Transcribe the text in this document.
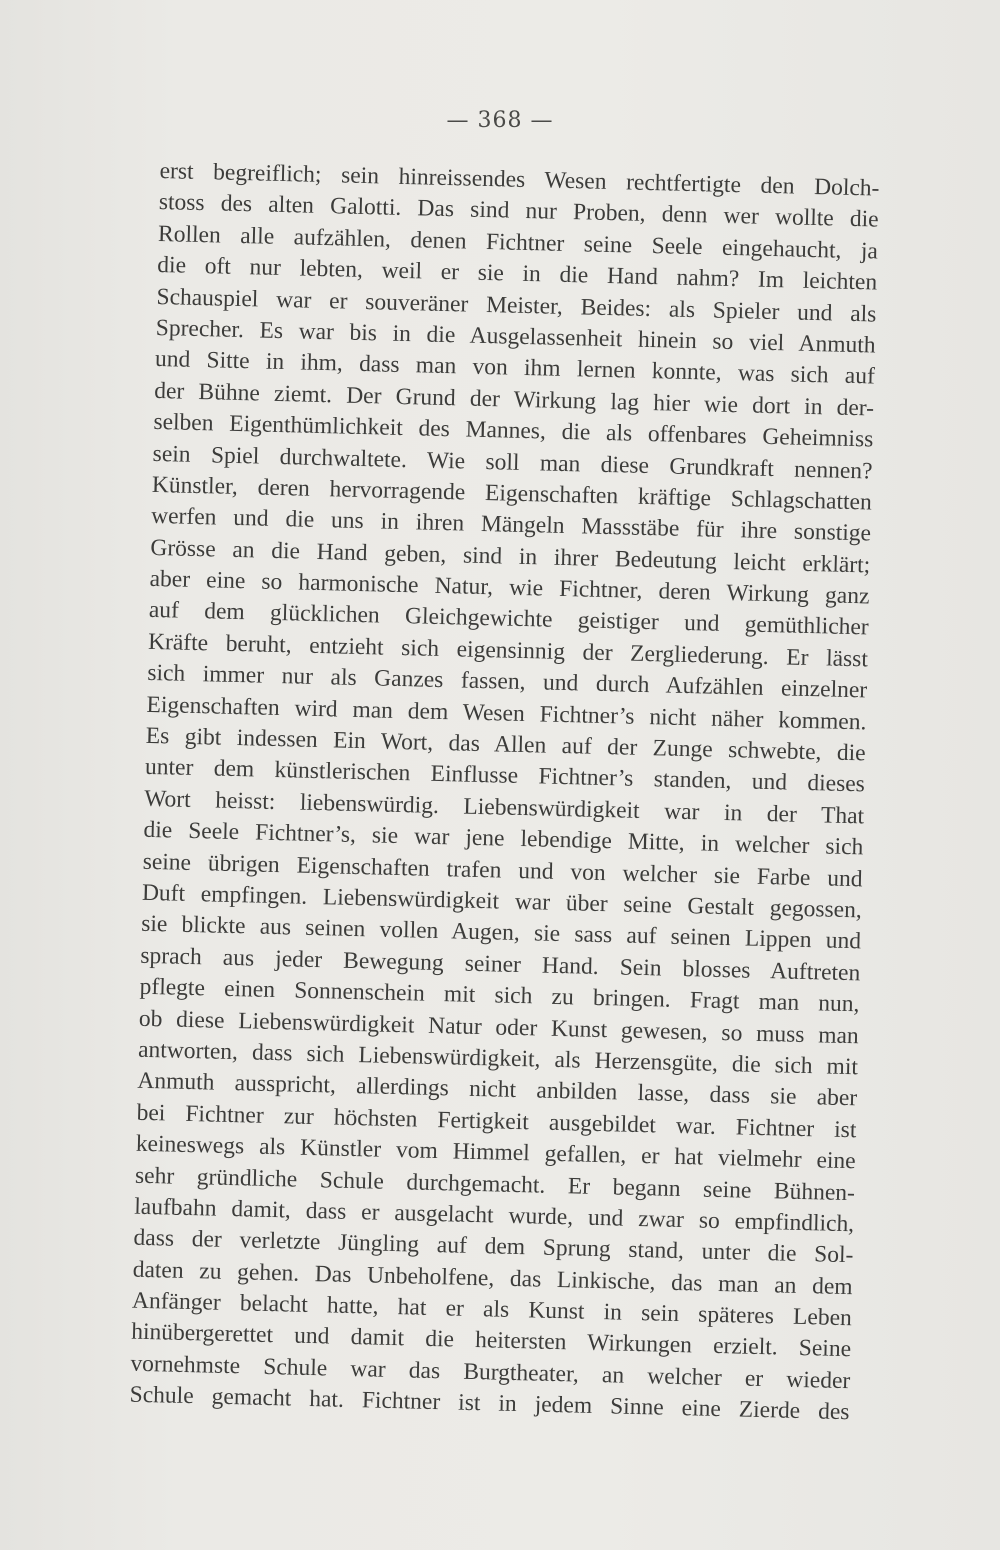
— 368 —
erst begreiflich; sein hinreissendes Wesen rechtfertigte den Dolch-
stoss des alten Galotti. Das sind nur Proben, denn wer wollte die
Rollen alle aufzählen, denen Fichtner seine Seele eingehaucht, ja
die oft nur lebten, weil er sie in die Hand nahm? Im leichten
Schauspiel war er souveräner Meister, Beides: als Spieler und als
Sprecher. Es war bis in die Ausgelassenheit hinein so viel Anmuth
und Sitte in ihm, dass man von ihm lernen konnte, was sich auf
der Bühne ziemt. Der Grund der Wirkung lag hier wie dort in der-
selben Eigenthümlichkeit des Mannes, die als offenbares Geheimniss
sein Spiel durchwaltete. Wie soll man diese Grundkraft nennen?
Künstler, deren hervorragende Eigenschaften kräftige Schlagschatten
werfen und die uns in ihren Mängeln Massstäbe für ihre sonstige
Grösse an die Hand geben, sind in ihrer Bedeutung leicht erklärt;
aber eine so harmonische Natur, wie Fichtner, deren Wirkung ganz
auf dem glücklichen Gleichgewichte geistiger und gemüthlicher
Kräfte beruht, entzieht sich eigensinnig der Zergliederung. Er lässt
sich immer nur als Ganzes fassen, und durch Aufzählen einzelner
Eigenschaften wird man dem Wesen Fichtner’s nicht näher kommen.
Es gibt indessen Ein Wort, das Allen auf der Zunge schwebte, die
unter dem künstlerischen Einflusse Fichtner’s standen, und dieses
Wort heisst: liebenswürdig. Liebenswürdigkeit war in der That
die Seele Fichtner’s, sie war jene lebendige Mitte, in welcher sich
seine übrigen Eigenschaften trafen und von welcher sie Farbe und
Duft empfingen. Liebenswürdigkeit war über seine Gestalt gegossen,
sie blickte aus seinen vollen Augen, sie sass auf seinen Lippen und
sprach aus jeder Bewegung seiner Hand. Sein blosses Auftreten
pflegte einen Sonnenschein mit sich zu bringen. Fragt man nun,
ob diese Liebenswürdigkeit Natur oder Kunst gewesen, so muss man
antworten, dass sich Liebenswürdigkeit, als Herzensgüte, die sich mit
Anmuth ausspricht, allerdings nicht anbilden lasse, dass sie aber
bei Fichtner zur höchsten Fertigkeit ausgebildet war. Fichtner ist
keineswegs als Künstler vom Himmel gefallen, er hat vielmehr eine
sehr gründliche Schule durchgemacht. Er begann seine Bühnen-
laufbahn damit, dass er ausgelacht wurde, und zwar so empfindlich,
dass der verletzte Jüngling auf dem Sprung stand, unter die Sol-
daten zu gehen. Das Unbeholfene, das Linkische, das man an dem
Anfänger belacht hatte, hat er als Kunst in sein späteres Leben
hinübergerettet und damit die heitersten Wirkungen erzielt. Seine
vornehmste Schule war das Burgtheater, an welcher er wieder
Schule gemacht hat. Fichtner ist in jedem Sinne eine Zierde des
